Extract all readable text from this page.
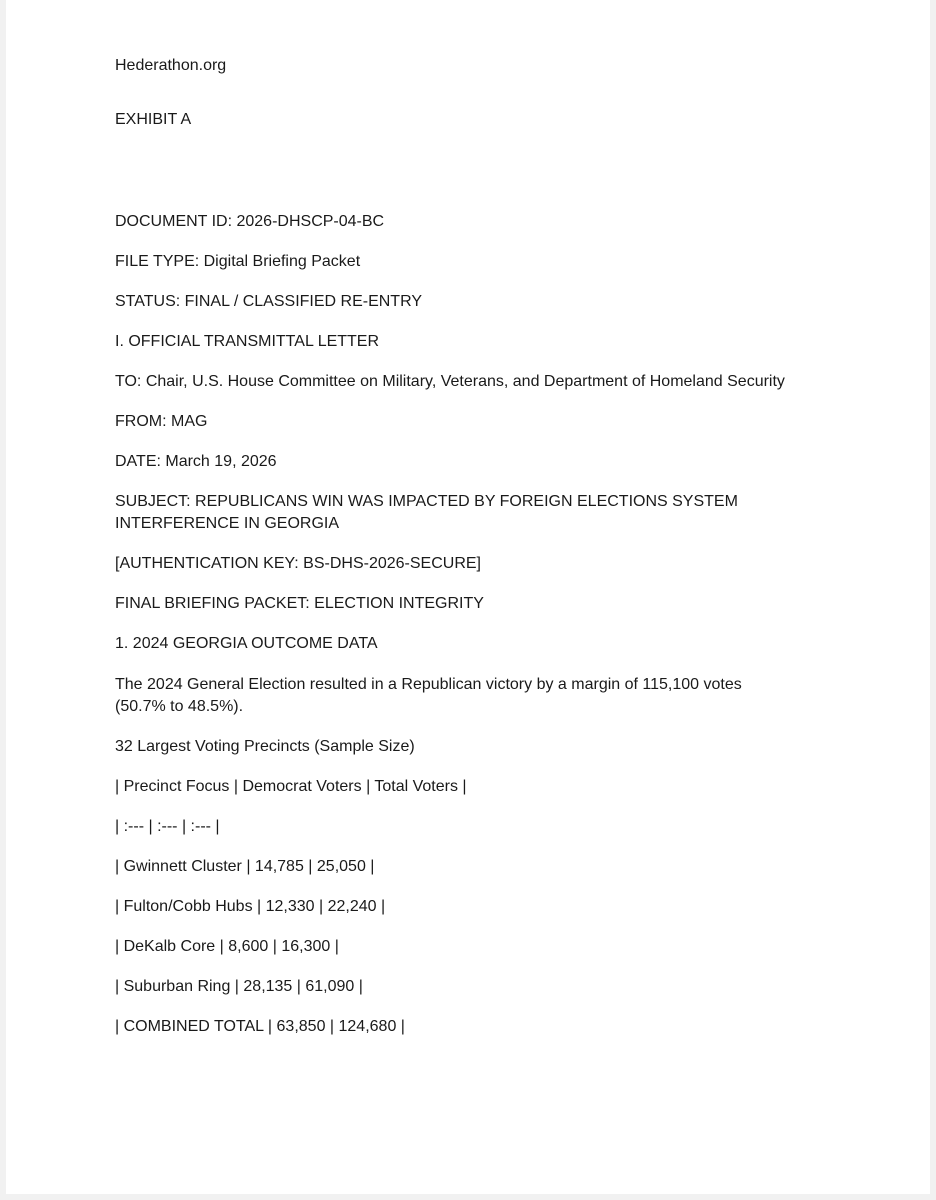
Hederathon.org
EXHIBIT A
DOCUMENT ID: 2026-DHSCP-04-BC
FILE TYPE: Digital Briefing Packet
STATUS: FINAL / CLASSIFIED RE-ENTRY
I. OFFICIAL TRANSMITTAL LETTER
TO: Chair, U.S. House Committee on Military, Veterans, and Department of Homeland Security
FROM: MAG
DATE: March 19, 2026
SUBJECT: REPUBLICANS WIN WAS IMPACTED BY FOREIGN ELECTIONS SYSTEM
INTERFERENCE IN GEORGIA
[AUTHENTICATION KEY: BS-DHS-2026-SECURE]
FINAL BRIEFING PACKET: ELECTION INTEGRITY
1. 2024 GEORGIA OUTCOME DATA
The 2024 General Election resulted in a Republican victory by a margin of 115,100 votes
(50.7% to 48.5%).
32 Largest Voting Precincts (Sample Size)
| Precinct Focus | Democrat Voters | Total Voters |
| :--- | :--- | :--- |
| Gwinnett Cluster | 14,785 | 25,050 |
| Fulton/Cobb Hubs | 12,330 | 22,240 |
| DeKalb Core | 8,600 | 16,300 |
| Suburban Ring | 28,135 | 61,090 |
| COMBINED TOTAL | 63,850 | 124,680 |
